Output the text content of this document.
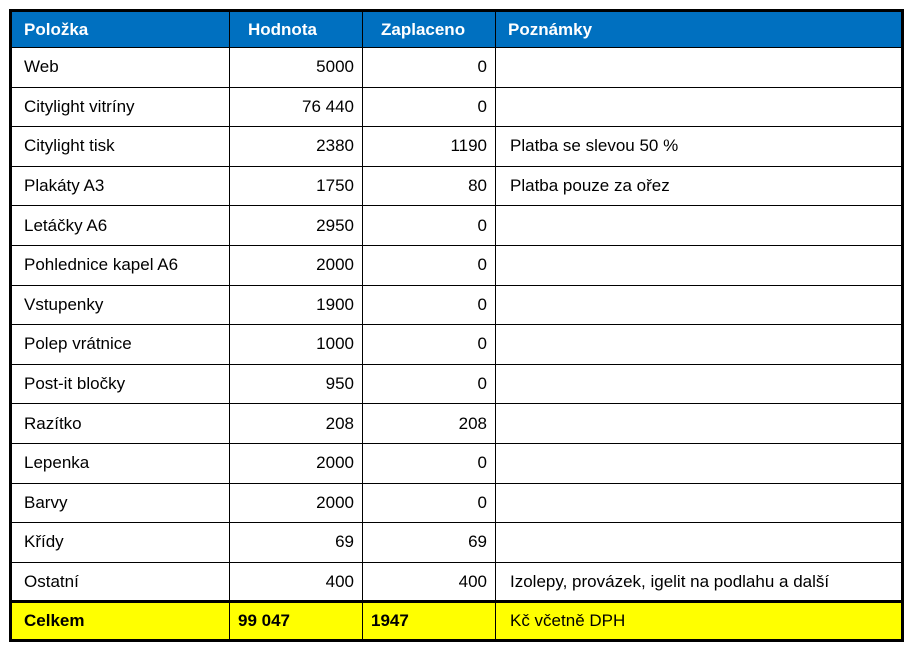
Položka	Hodnota	Zaplaceno	Poznámky
Web	5000	0	
Citylight vitríny	76 440	0	
Citylight tisk	2380	1190	Platba se slevou 50 %
Plakáty A3	1750	80	Platba pouze za ořez
Letáčky A6	2950	0	
Pohlednice kapel A6	2000	0	
Vstupenky	1900	0	
Polep vrátnice	1000	0	
Post-it bločky	950	0	
Razítko	208	208	
Lepenka	2000	0	
Barvy	2000	0	
Křídy	69	69	
Ostatní	400	400	Izolepy, provázek, igelit na podlahu a další
Celkem	99 047	1947	Kč včetně DPH
